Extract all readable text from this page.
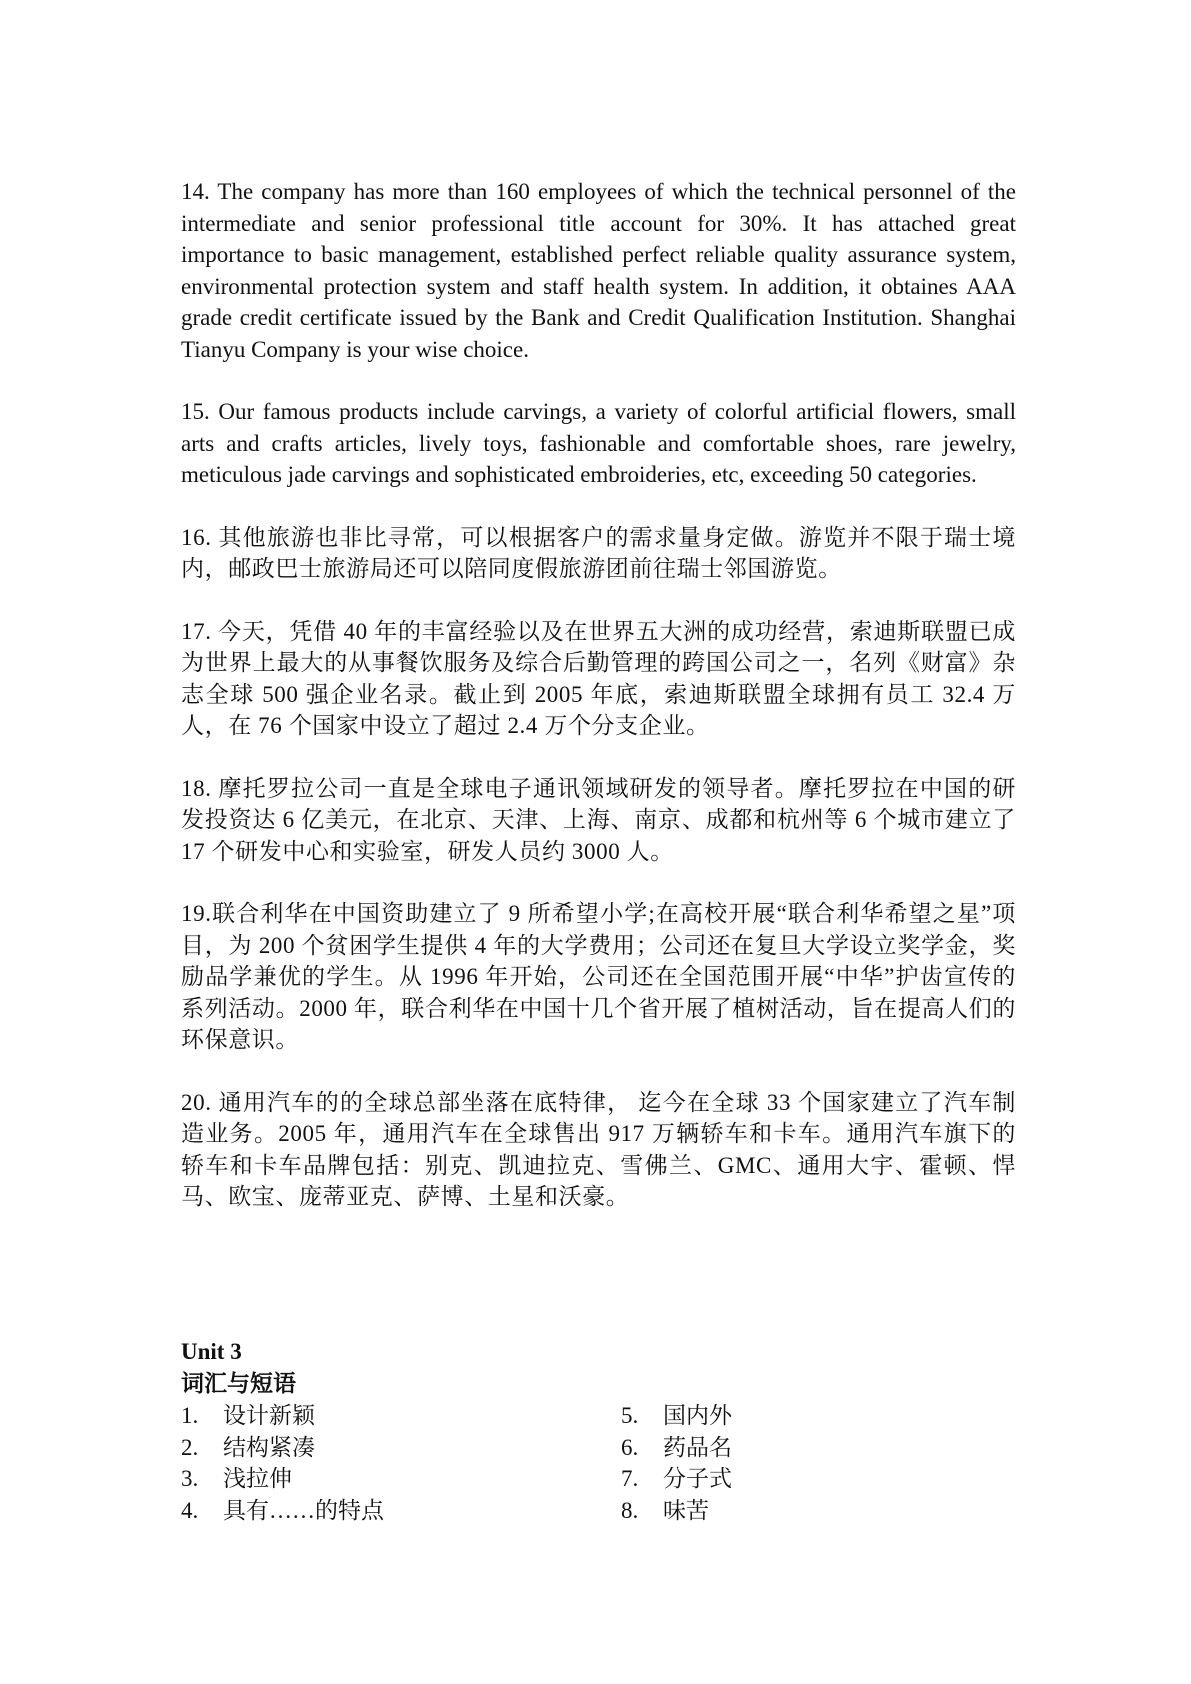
14. The company has more than 160 employees of which the technical personnel of the intermediate and senior professional title account for 30%. It has attached great importance to basic management, established perfect reliable quality assurance system, environmental protection system and staff health system. In addition, it obtaines AAA grade credit certificate issued by the Bank and Credit Qualification Institution. Shanghai Tianyu Company is your wise choice.

15. Our famous products include carvings, a variety of colorful artificial flowers, small arts and crafts articles, lively toys, fashionable and comfortable shoes, rare jewelry, meticulous jade carvings and sophisticated embroideries, etc, exceeding 50 categories.

16. 其他旅游也非比寻常，可以根据客户的需求量身定做。游览并不限于瑞士境内，邮政巴士旅游局还可以陪同度假旅游团前往瑞士邻国游览。

17. 今天，凭借 40 年的丰富经验以及在世界五大洲的成功经营，索迪斯联盟已成为世界上最大的从事餐饮服务及综合后勤管理的跨国公司之一，名列《财富》杂志全球 500 强企业名录。截止到 2005 年底，索迪斯联盟全球拥有员工 32.4 万人，在 76 个国家中设立了超过 2.4 万个分支企业。

18. 摩托罗拉公司一直是全球电子通讯领域研发的领导者。摩托罗拉在中国的研发投资达 6 亿美元，在北京、天津、上海、南京、成都和杭州等 6 个城市建立了 17 个研发中心和实验室，研发人员约 3000 人。

19.联合利华在中国资助建立了 9 所希望小学;在高校开展“联合利华希望之星”项目，为 200 个贫困学生提供 4 年的大学费用；公司还在复旦大学设立奖学金，奖励品学兼优的学生。从 1996 年开始，公司还在全国范围开展“中华”护齿宣传的系列活动。2000 年，联合利华在中国十几个省开展了植树活动，旨在提高人们的环保意识。

20. 通用汽车的的全球总部坐落在底特律， 迄今在全球 33 个国家建立了汽车制造业务。2005 年，通用汽车在全球售出 917 万辆轿车和卡车。通用汽车旗下的轿车和卡车品牌包括：别克、凯迪拉克、雪佛兰、GMC、通用大宇、霍顿、悍马、欧宝、庞蒂亚克、萨博、土星和沃豪。

Unit 3
词汇与短语
1.	设计新颖
2.	结构紧凑
3.	浅拉伸
4.	具有……的特点
5.	国内外
6.	药品名
7.	分子式
8.	味苦
